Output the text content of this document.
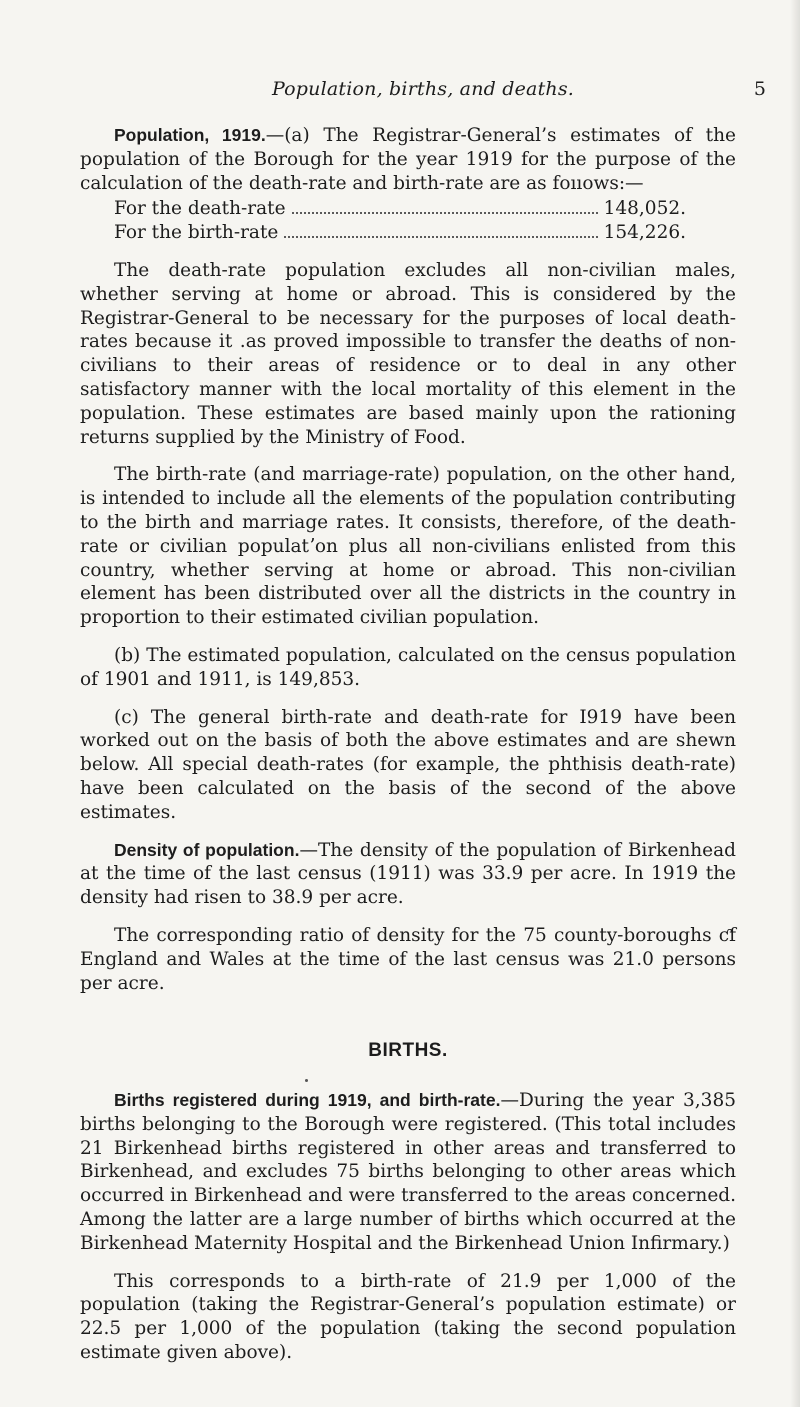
Population, births, and deaths.	5

Population, 1919.—(a) The Registrar-General’s estimates of the population of the Borough for the year 1919 for the purpose of the calculation of the death-rate and birth-rate are as foııows:—

For the death-rate	148,052.
For the birth-rate	154,226.

The death-rate population excludes all non-civilian males, whether serving at home or abroad. This is considered by the Registrar-General to be necessary for the purposes of local death-rates because it ․as proved impossible to transfer the deaths of non-civilians to their areas of residence or to deal in any other satisfactory manner with the local mortality of this element in the population. These estimates are based mainly upon the rationing returns supplied by the Ministry of Food.

The birth-rate (and marriage-rate) population, on the other hand, is intended to include all the elements of the population contributing to the birth and marriage rates. It consists, therefore, of the death-rate or civilian populatʼon plus all non-civilians enlisted from this country, whether serving at home or abroad. This non-civilian element has been distributed over all the districts in the country in proportion to their estimated civilian population.

(b) The estimated population, calculated on the census population of 1901 and 1911, is 149,853.

(c) The general birth-rate and death-rate for I919 have been worked out on the basis of both the above estimates and are shewn below. All special death-rates (for example, the phthisis death-rate) have been calculated on the basis of the second of the above estimates.

Density of population.—The density of the population of Birkenhead at the time of the last census (1911) was 33.9 per acre. In 1919 the density had risen to 38.9 per acre.

The corresponding ratio of density for the 75 county-boroughs ƈf England and Wales at the time of the last census was 21.0 persons per acre.

BIRTHS.

Births registered during 1919, and birth-rate.—During the year 3,385 births belonging to the Borough were registered. (This total includes 21 Birkenhead births registered in other areas and transferred to Birkenhead, and excludes 75 births belonging to other areas which occurred in Birkenhead and were transferred to the areas concerned. Among the latter are a large number of births which occurred at the Birkenhead Maternity Hospital and the Birkenhead Union Infirmary.)

This corresponds to a birth-rate of 21.9 per 1,000 of the population (taking the Registrar-General’s population estimate) or 22.5 per 1,000 of the population (taking the second population estimate given above).
